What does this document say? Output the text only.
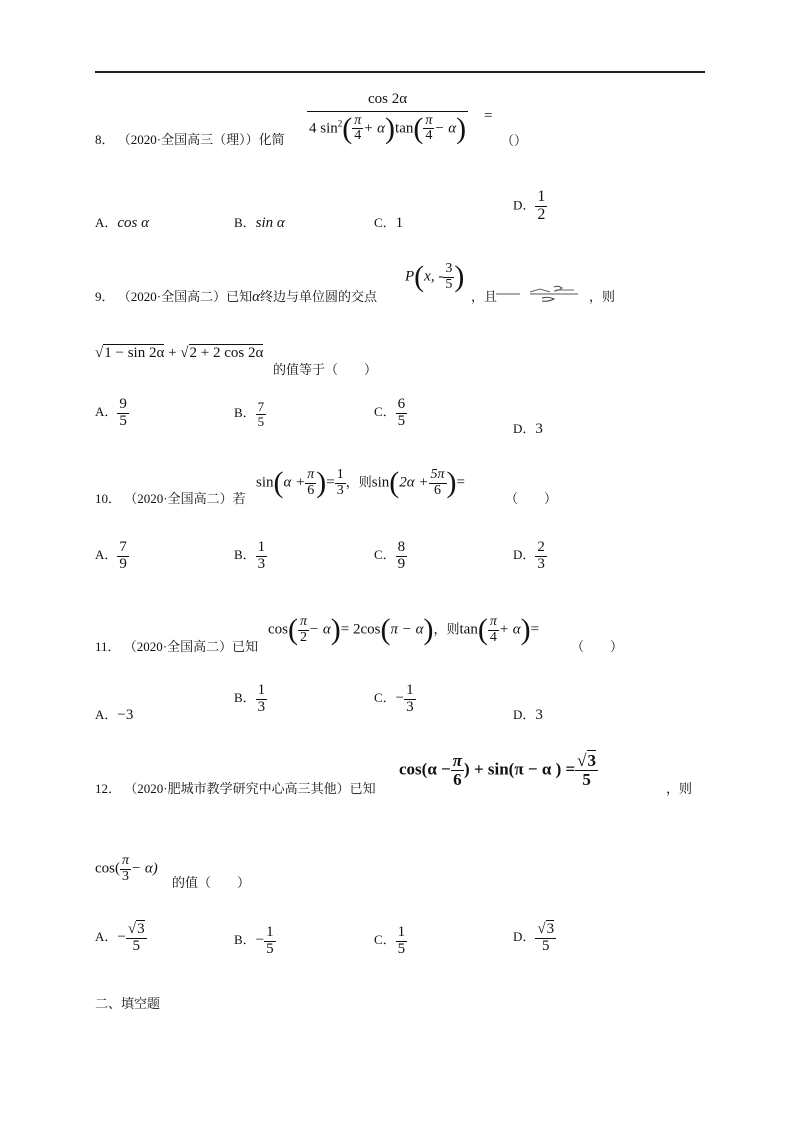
8． （2020·全国高三（理））化简 $\frac{\cos 2\alpha}{4 \sin^2( \frac{\pi}{4} + \alpha)\tan( \frac{\pi}{4} - \alpha)}$ =
（）
A．cos α	B．sin α	C．1
D． $\frac{1}{2}$
9． （2020·全国高二）已知α终边与单位圆的交点
P(x, - $\frac{3}{5}$ )
，且	，则
√1 − sin 2α + √2 + 2 cos 2α
的值等于（　　）
A． $\frac{9}{5}$	B． $\frac{7}{5}$	C． $\frac{6}{5}$	D．3
10． （2020·全国高二）若
$\sin(\alpha + \frac{\pi}{6}$ )= $\frac{1}{3}$ ，则$\sin(2\alpha + \frac{5\pi}{6}$ )=
（　　）
A． $\frac{7}{9}$	B． $\frac{1}{3}$	C． $\frac{8}{9}$	D． $\frac{2}{3}$
11． （2020·全国高二）已知
$\cos( \frac{\pi}{2} - \alpha)= 2\cos(\pi - \alpha)$，则$\tan( \frac{\pi}{4} + \alpha)=$
（　　）
A．−3
B． $\frac{1}{3}$	C．− $\frac{1}{3}$	D．3
12． （2020·肥城市教学研究中心高三其他）已知
$\cos(\alpha - \frac{\pi}{6}$ ) + sin(π − α ) = $\frac{√3}{5}$	，则
$\cos( \frac{\pi}{3} - \alpha)$
的值（　　）
A．− $\frac{√3}{5}$	B．− $\frac{1}{5}$	C． $\frac{1}{5}$	D． $\frac{√3}{5}$
二、填空题
